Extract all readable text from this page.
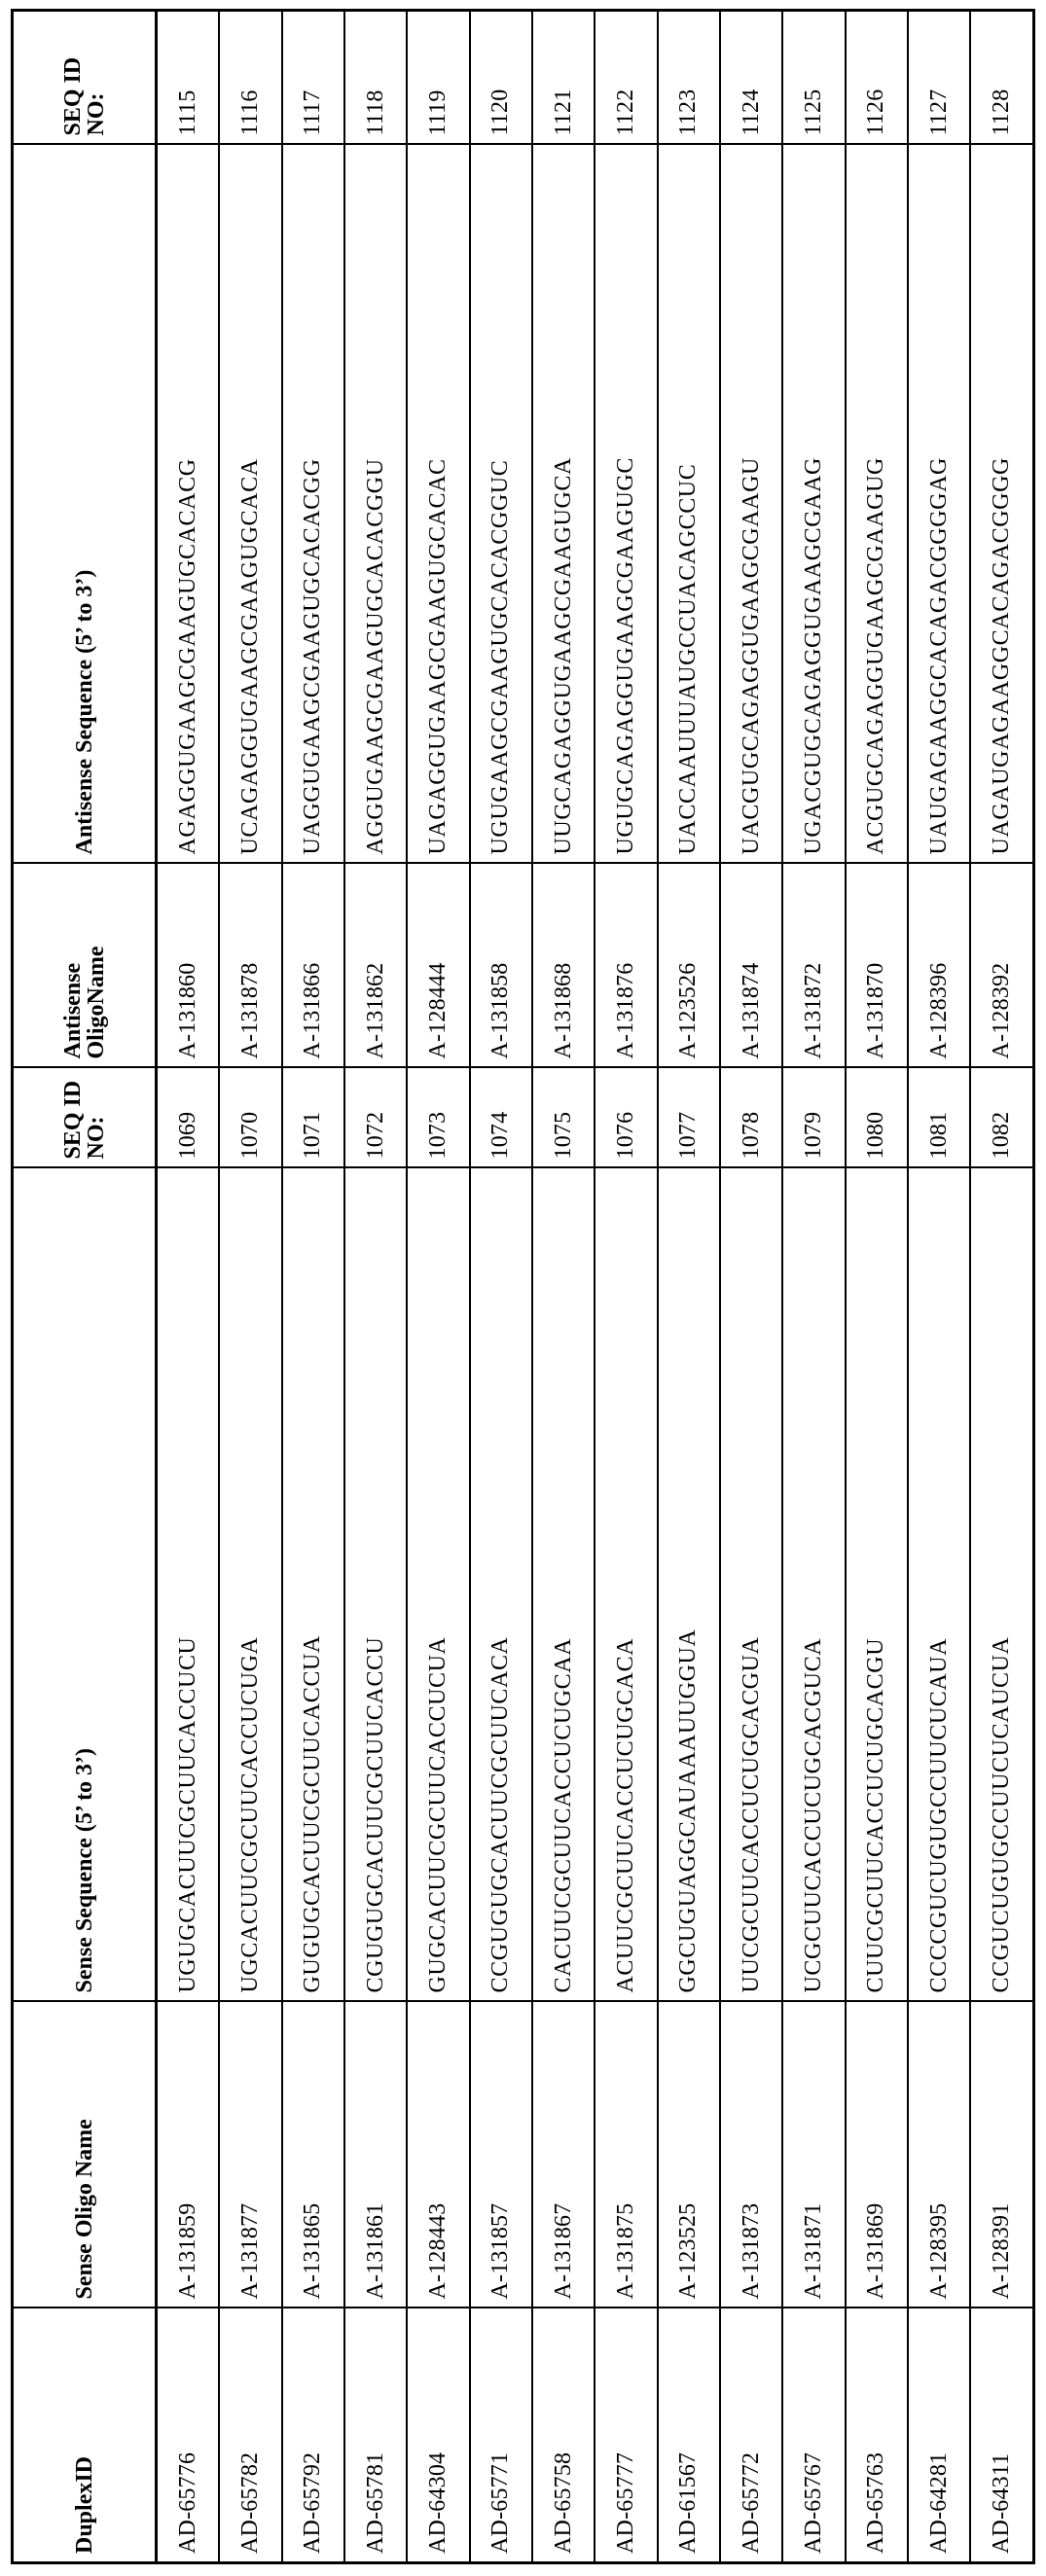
DuplexID	Sense Oligo Name	Sense Sequence (5’ to 3’)	SEQ ID NO:	Antisense OligoName	Antisense Sequence (5’ to 3’)	SEQ ID NO:
AD-65776	A-131859	UGUGCACUUCGCUUCACCUCU	1069	A-131860	AGAGGUGAAGCGAAGUGCACACG	1115
AD-65782	A-131877	UGCACUUCGCUUCACCUCUGA	1070	A-131878	UCAGAGGUGAAGCGAAGUGCACA	1116
AD-65792	A-131865	GUGUGCACUUCGCUUCACCUA	1071	A-131866	UAGGUGAAGCGAAGUGCACACGG	1117
AD-65781	A-131861	CGUGUGCACUUCGCUUCACCU	1072	A-131862	AGGUGAAGCGAAGUGCACACGGU	1118
AD-64304	A-128443	GUGCACUUCGCUUCACCUCUA	1073	A-128444	UAGAGGUGAAGCGAAGUGCACAC	1119
AD-65771	A-131857	CCGUGUGCACUUCGCUUCACA	1074	A-131858	UGUGAAGCGAAGUGCACACGGUC	1120
AD-65758	A-131867	CACUUCGCUUCACCUCUGCAA	1075	A-131868	UUGCAGAGGUGAAGCGAAGUGCA	1121
AD-65777	A-131875	ACUUCGCUUCACCUCUGCACA	1076	A-131876	UGUGCAGAGGUGAAGCGAAGUGC	1122
AD-61567	A-123525	GGCUGUAGGCAUAAAUUGGUA	1077	A-123526	UACCAAUUUAUGCCUACAGCCUC	1123
AD-65772	A-131873	UUCGCUUCACCUCUGCACGUA	1078	A-131874	UACGUGCAGAGGUGAAGCGAAGU	1124
AD-65767	A-131871	UCGCUUCACCUCUGCACGUCA	1079	A-131872	UGACGUGCAGAGGUGAAGCGAAG	1125
AD-65763	A-131869	CUUCGCUUCACCUCUGCACGU	1080	A-131870	ACGUGCAGAGGUGAAGCGAAGUG	1126
AD-64281	A-128395	CCCCGUCUGUGCCUUCUCAUA	1081	A-128396	UAUGAGAAGGCACAGACGGGGAG	1127
AD-64311	A-128391	CCGUCUGUGCCUUCUCAUCUA	1082	A-128392	UAGAUGAGAAGGCACAGACGGGG	1128
